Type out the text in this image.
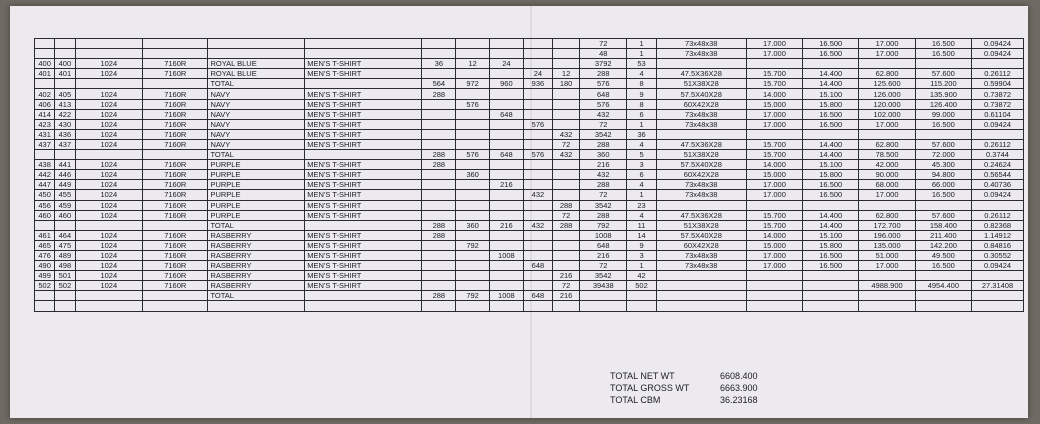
											72	1	73x48x38	17.000	16.500	17.000	16.500	0.09424
											48	1	73x48x38	17.000	16.500	17.000	16.500	0.09424
400	400	1024	7160R	ROYAL BLUE	MEN'S T-SHIRT	36	12	24			3792	53						
401	401	1024	7160R	ROYAL BLUE	MEN'S T-SHIRT				24	12	288	4	47.5X36X28	15.700	14.400	62.800	57.600	0.26112
				TOTAL		564	972	960	936	180	576	8	51X38X28	15.700	14.400	125.600	115.200	0.59904
402	405	1024	7160R	NAVY	MEN'S T-SHIRT	288					648	9	57.5X40X28	14.000	15.100	126.000	135.900	0.73872
406	413	1024	7160R	NAVY	MEN'S T-SHIRT		576				576	8	60X42X28	15.000	15.800	120.000	126.400	0.73872
414	422	1024	7160R	NAVY	MEN'S T-SHIRT			648			432	6	73x48x38	17.000	16.500	102.000	99.000	0.61104
423	430	1024	7160R	NAVY	MEN'S T-SHIRT				576		72	1	73x48x38	17.000	16.500	17.000	16.500	0.09424
431	436	1024	7160R	NAVY	MEN'S T-SHIRT					432	3542	36						
437	437	1024	7160R	NAVY	MEN'S T-SHIRT					72	288	4	47.5X36X28	15.700	14.400	62.800	57.600	0.26112
				TOTAL		288	576	648	576	432	360	5	51X38X28	15.700	14.400	78.500	72.000	0.3744
438	441	1024	7160R	PURPLE	MEN'S T-SHIRT	288					216	3	57.5X40X28	14.000	15.100	42.000	45.300	0.24624
442	446	1024	7160R	PURPLE	MEN'S T-SHIRT		360				432	6	60X42X28	15.000	15.800	90.000	94.800	0.56544
447	449	1024	7160R	PURPLE	MEN'S T-SHIRT			216			288	4	73x48x38	17.000	16.500	68.000	66.000	0.40736
450	455	1024	7160R	PURPLE	MEN'S T-SHIRT				432		72	1	73x48x38	17.000	16.500	17.000	16.500	0.09424
456	459	1024	7160R	PURPLE	MEN'S T-SHIRT					288	3542	23						
460	460	1024	7160R	PURPLE	MEN'S T-SHIRT					72	288	4	47.5X36X28	15.700	14.400	62.800	57.600	0.26112
				TOTAL		288	360	216	432	288	792	11	51X38X28	15.700	14.400	172.700	158.400	0.82368
461	464	1024	7160R	RASBERRY	MEN'S T-SHIRT	288					1008	14	57.5X40X28	14.000	15.100	196.000	211.400	1.14912
465	475	1024	7160R	RASBERRY	MEN'S T-SHIRT		792				648	9	60X42X28	15.000	15.800	135.000	142.200	0.84816
476	489	1024	7160R	RASBERRY	MEN'S T-SHIRT			1008			216	3	73x48x38	17.000	16.500	51.000	49.500	0.30552
490	498	1024	7160R	RASBERRY	MEN'S T-SHIRT				648		72	1	73x48x38	17.000	16.500	17.000	16.500	0.09424
499	501	1024	7160R	RASBERRY	MEN'S T-SHIRT					216	3542	42						
502	502	1024	7160R	RASBERRY	MEN'S T-SHIRT					72	39438	502				4988.900	4954.400	27.31408
				TOTAL		288	792	1008	648	216								

TOTAL NET WT	6608.400
TOTAL GROSS WT	6663.900
TOTAL CBM	36.23168
